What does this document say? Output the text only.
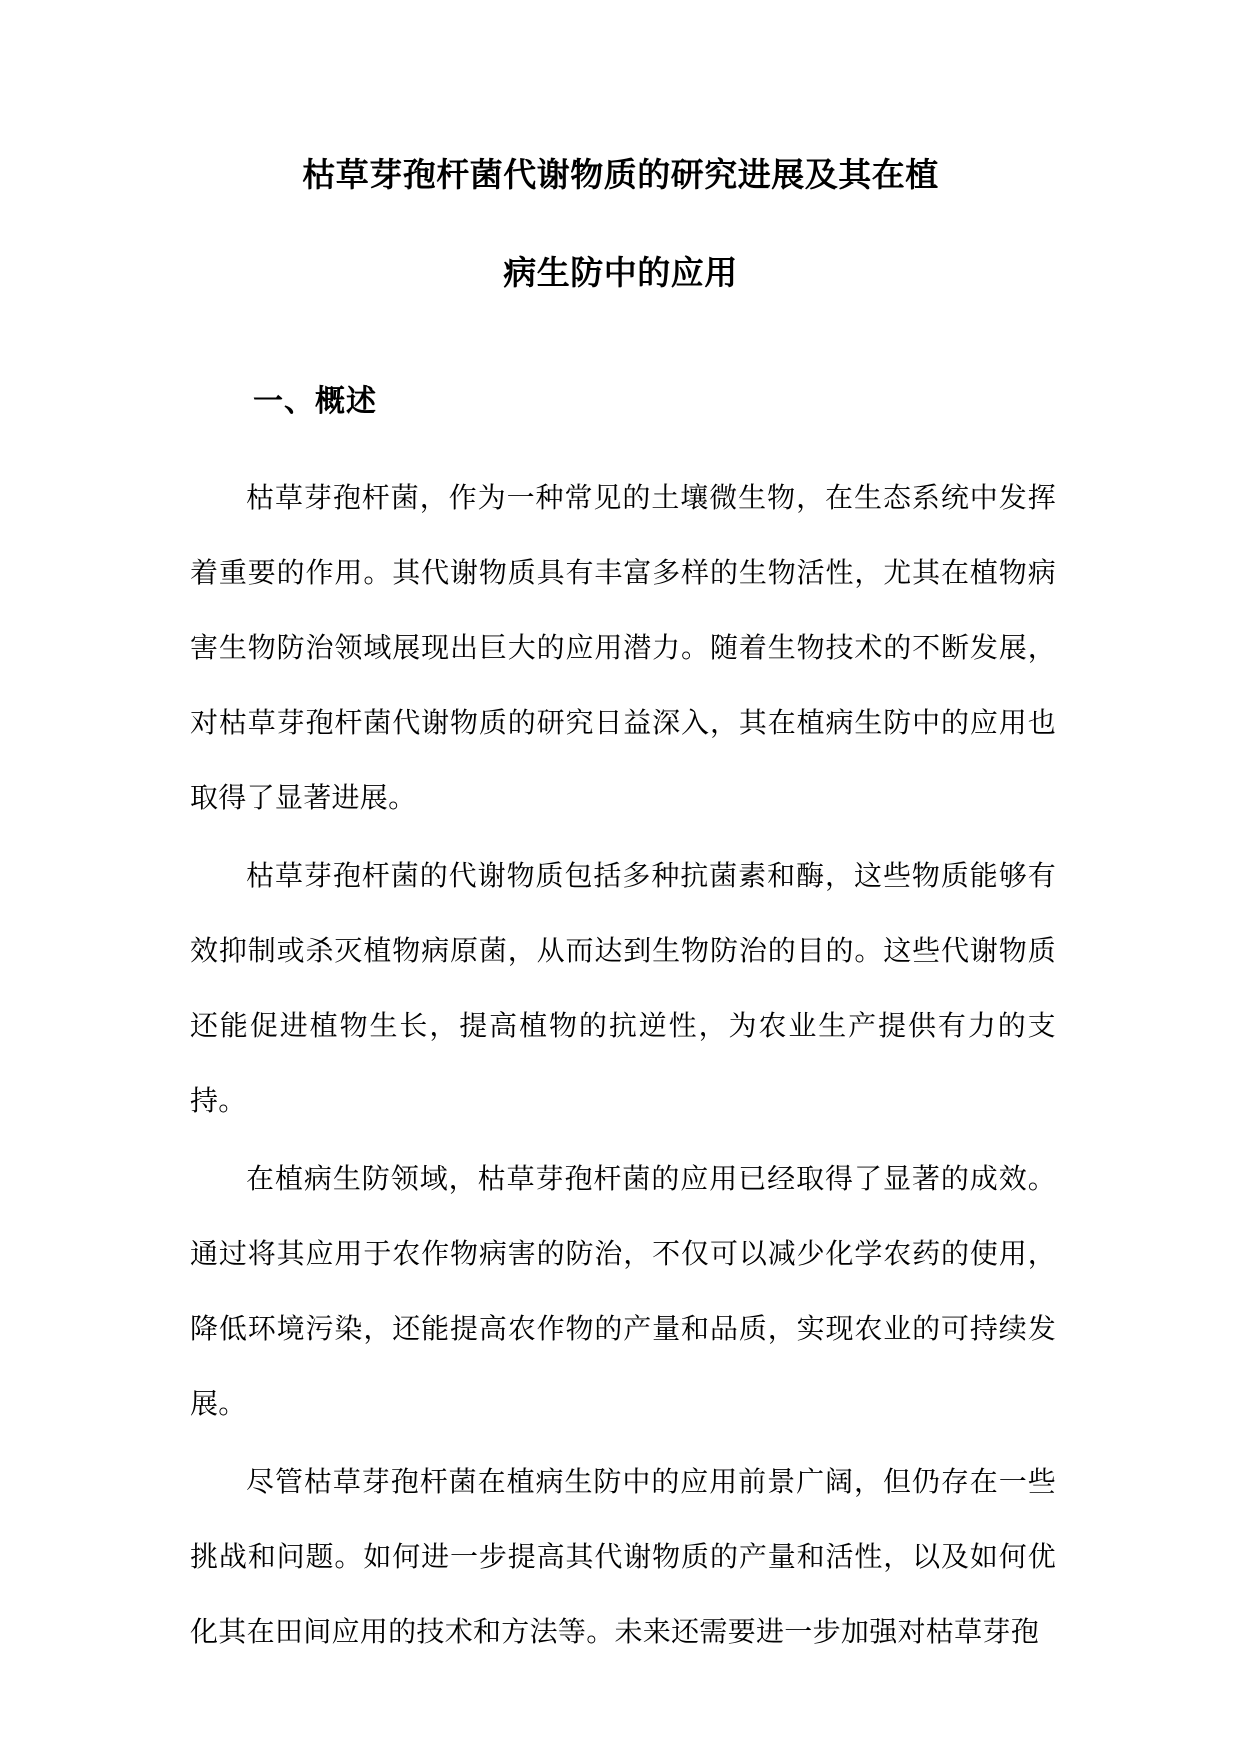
枯草芽孢杆菌代谢物质的研究进展及其在植
病生防中的应用
一、概述

枯草芽孢杆菌，作为一种常见的土壤微生物，在生态系统中发挥着重要的作用。其代谢物质具有丰富多样的生物活性，尤其在植物病害生物防治领域展现出巨大的应用潜力。随着生物技术的不断发展，对枯草芽孢杆菌代谢物质的研究日益深入，其在植病生防中的应用也取得了显著进展。

枯草芽孢杆菌的代谢物质包括多种抗菌素和酶，这些物质能够有效抑制或杀灭植物病原菌，从而达到生物防治的目的。这些代谢物质还能促进植物生长，提高植物的抗逆性，为农业生产提供有力的支持。

在植病生防领域，枯草芽孢杆菌的应用已经取得了显著的成效。通过将其应用于农作物病害的防治，不仅可以减少化学农药的使用，降低环境污染，还能提高农作物的产量和品质，实现农业的可持续发展。

尽管枯草芽孢杆菌在植病生防中的应用前景广阔，但仍存在一些挑战和问题。如何进一步提高其代谢物质的产量和活性，以及如何优化其在田间应用的技术和方法等。未来还需要进一步加强对枯草芽孢
